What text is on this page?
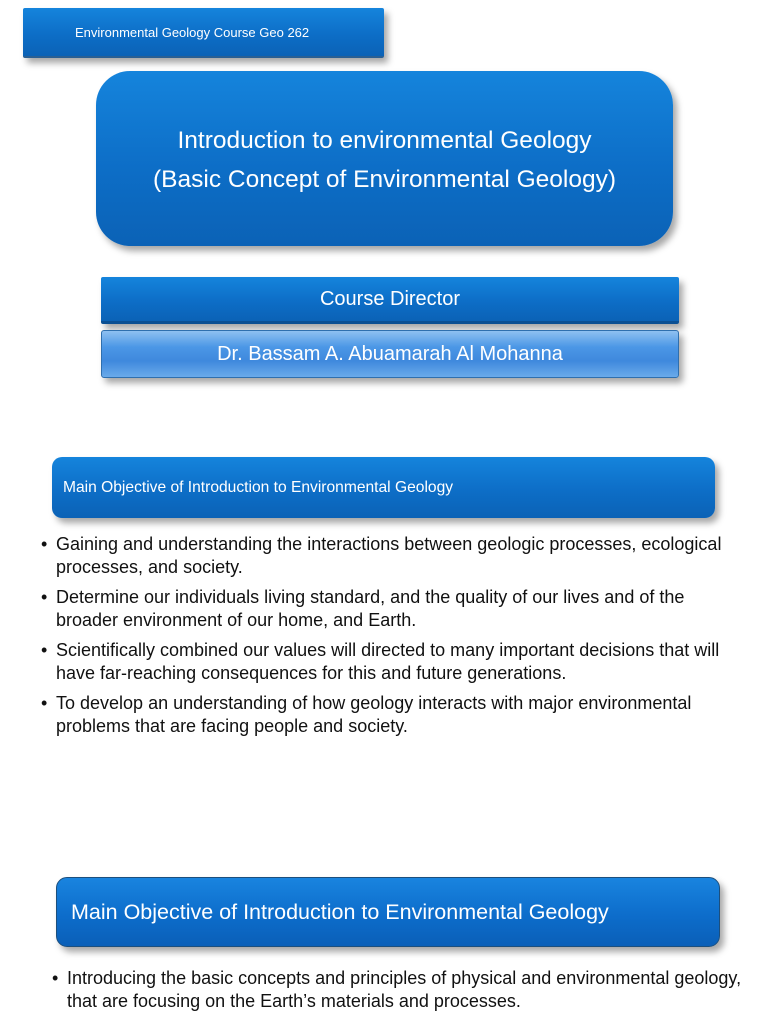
Environmental Geology Course Geo 262
Introduction to environmental Geology
(Basic Concept of Environmental Geology)
Course Director
Dr. Bassam A. Abuamarah Al Mohanna
Main Objective of Introduction to Environmental Geology
• Gaining and understanding the interactions between geologic processes, ecological processes, and society.
• Determine our individuals living standard, and the quality of our lives and of the broader environment of our home, and Earth.
• Scientifically combined our values will directed to many important decisions that will have far-reaching consequences for this and future generations.
• To develop an understanding of how geology interacts with major environmental problems that are facing people and society.
Main Objective of Introduction to Environmental Geology
• Introducing the basic concepts and principles of physical and environmental geology, that are focusing on the Earth’s materials and processes.
